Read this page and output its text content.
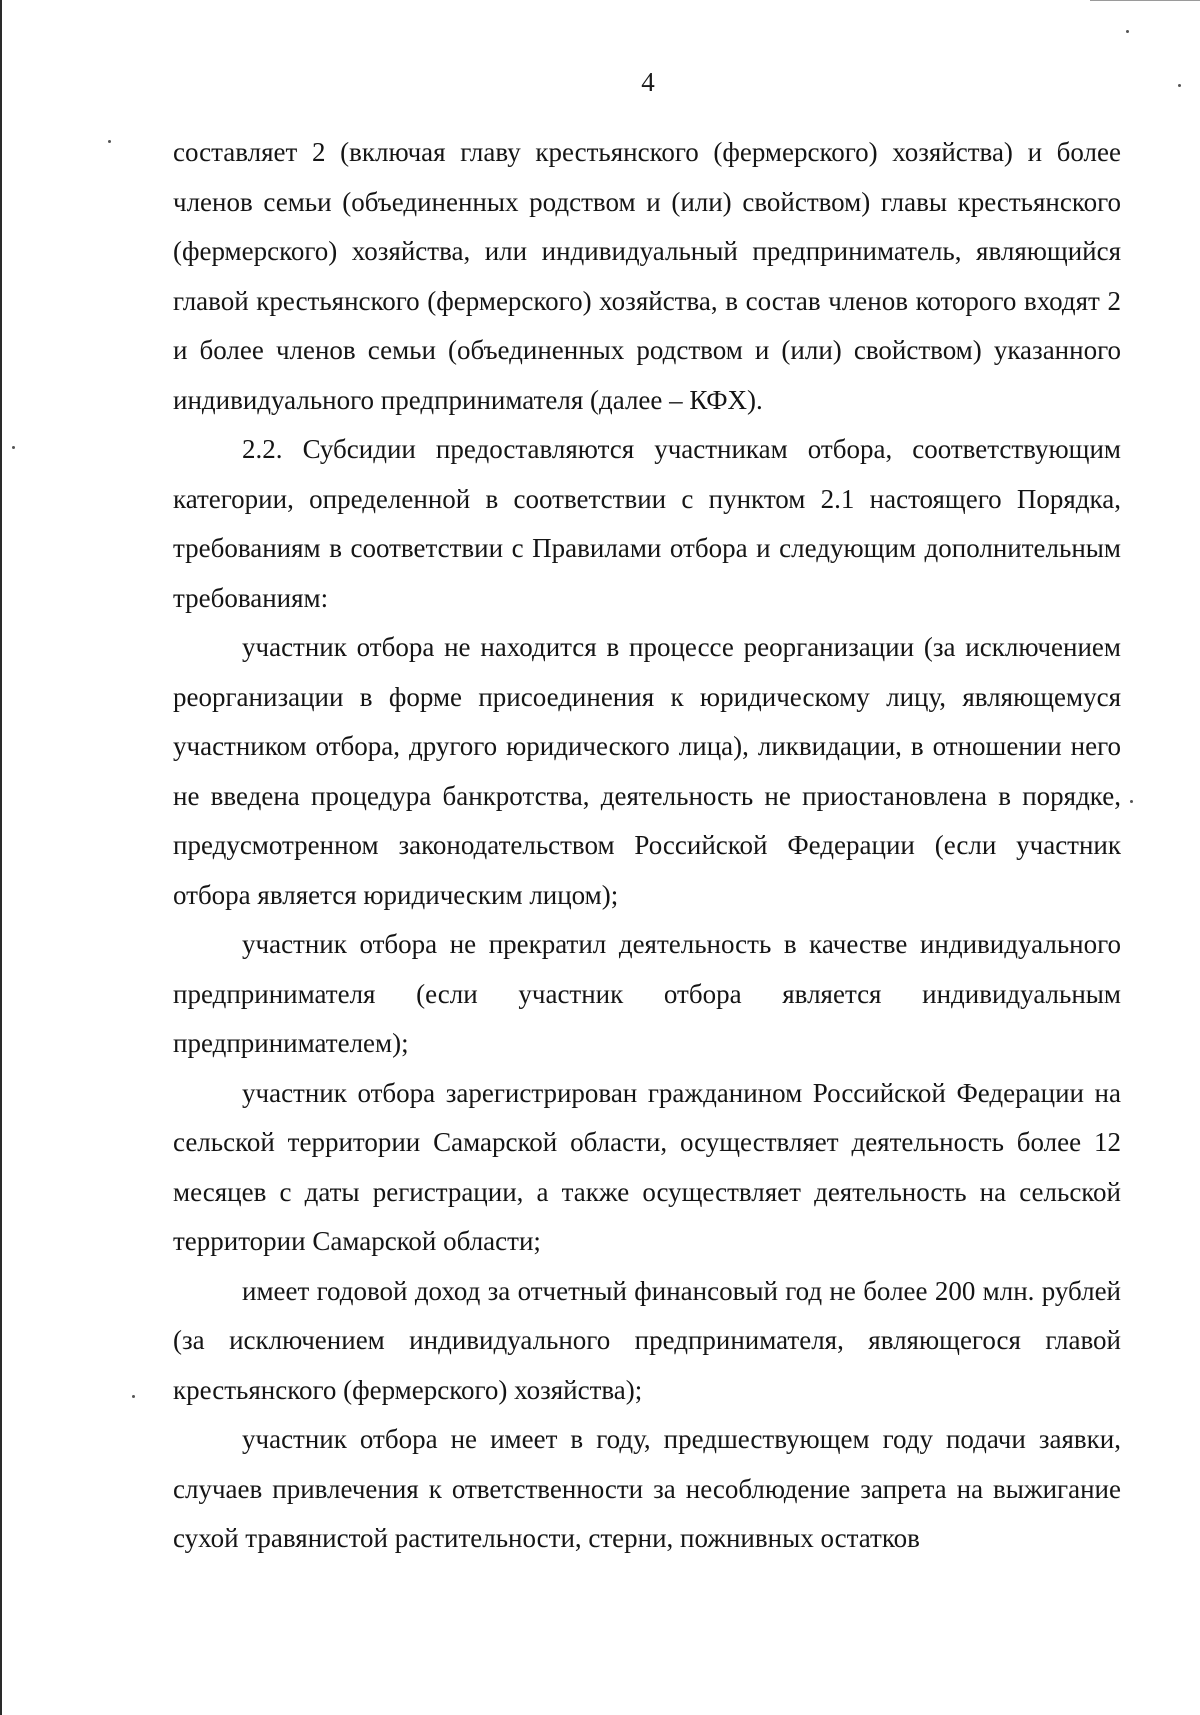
4

составляет 2 (включая главу крестьянского (фермерского) хозяйства) и более членов семьи (объединенных родством и (или) свойством) главы крестьянского (фермерского) хозяйства, или индивидуальный предприниматель, являющийся главой крестьянского (фермерского) хозяйства, в состав членов которого входят 2 и более членов семьи (объединенных родством и (или) свойством) указанного индивидуального предпринимателя (далее – КФХ).

2.2. Субсидии предоставляются участникам отбора, соответствующим категории, определенной в соответствии с пунктом 2.1 настоящего Порядка, требованиям в соответствии с Правилами отбора и следующим дополнительным требованиям:

участник отбора не находится в процессе реорганизации (за исключением реорганизации в форме присоединения к юридическому лицу, являющемуся участником отбора, другого юридического лица), ликвидации, в отношении него не введена процедура банкротства, деятельность не приостановлена в порядке, предусмотренном законодательством Российской Федерации (если участник отбора является юридическим лицом);

участник отбора не прекратил деятельность в качестве индивидуального предпринимателя (если участник отбора является индивидуальным предпринимателем);

участник отбора зарегистрирован гражданином Российской Федерации на сельской территории Самарской области, осуществляет деятельность более 12 месяцев с даты регистрации, а также осуществляет деятельность на сельской территории Самарской области;

имеет годовой доход за отчетный финансовый год не более 200 млн. рублей (за исключением индивидуального предпринимателя, являющегося главой крестьянского (фермерского) хозяйства);

участник отбора не имеет в году, предшествующем году подачи заявки, случаев привлечения к ответственности за несоблюдение запрета на выжигание сухой травянистой растительности, стерни, пожнивных остатков
